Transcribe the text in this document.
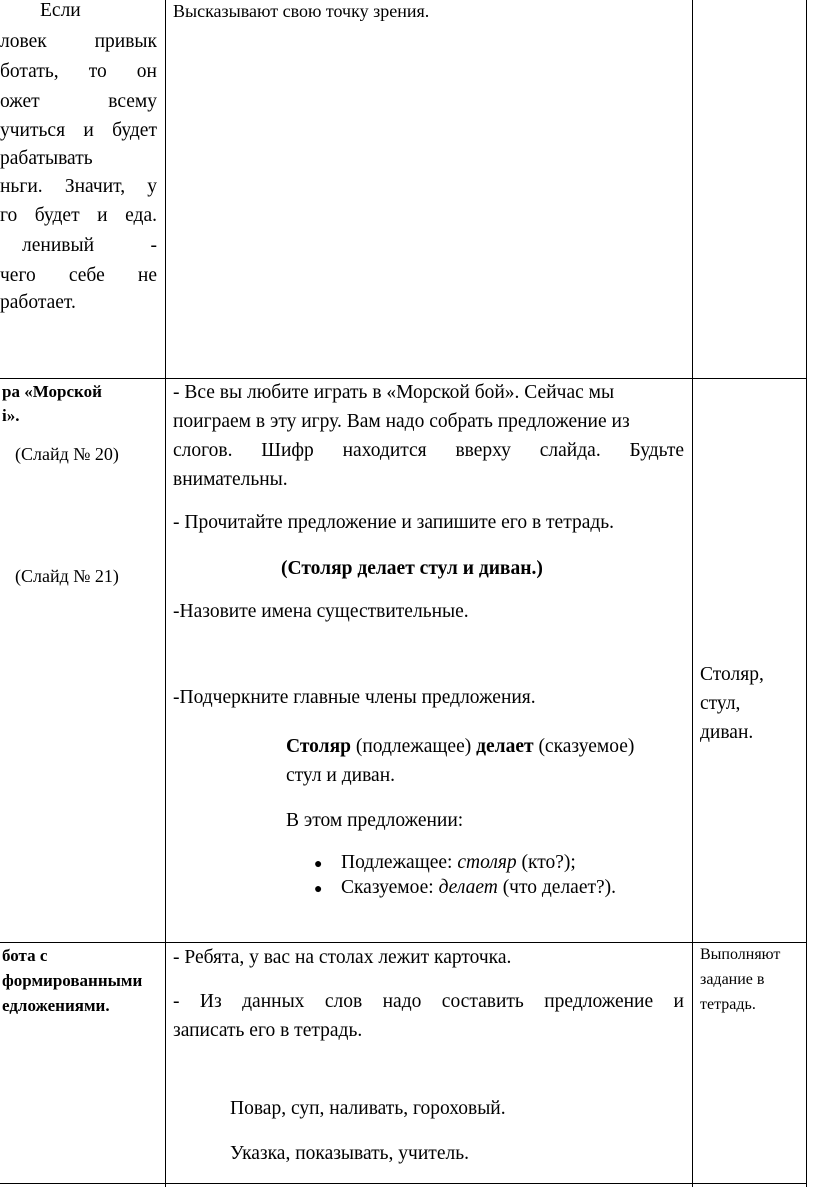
Если
ловек привык
ботать, то он
ожет всему
учиться и будет
рабатывать
ньги. Значит, у
го будет и еда.
ленивый -
чего себе не
работает.
Высказывают свою точку зрения.
ра «Морской
і».
(Слайд № 20)
(Слайд № 21)
- Все вы любите играть в «Морской бой». Сейчас мы
поиграем в эту игру. Вам надо собрать предложение из
слогов. Шифр находится вверху слайда. Будьте
внимательны.
- Прочитайте предложение и запишите его в тетрадь.
(Столяр делает стул и диван.)
-Назовите имена существительные.
-Подчеркните главные члены предложения.
Столяр (подлежащее) делает (сказуемое)
стул и диван.
В этом предложении:
● Подлежащее: столяр (кто?);
● Сказуемое: делает (что делает?).
Столяр,
стул,
диван.
бота с
формированными
едложениями.
- Ребята, у вас на столах лежит карточка.
- Из данных слов надо составить предложение и
записать его в тетрадь.
Повар, суп, наливать, гороховый.
Указка, показывать, учитель.
Выполняют
задание в
тетрадь.
